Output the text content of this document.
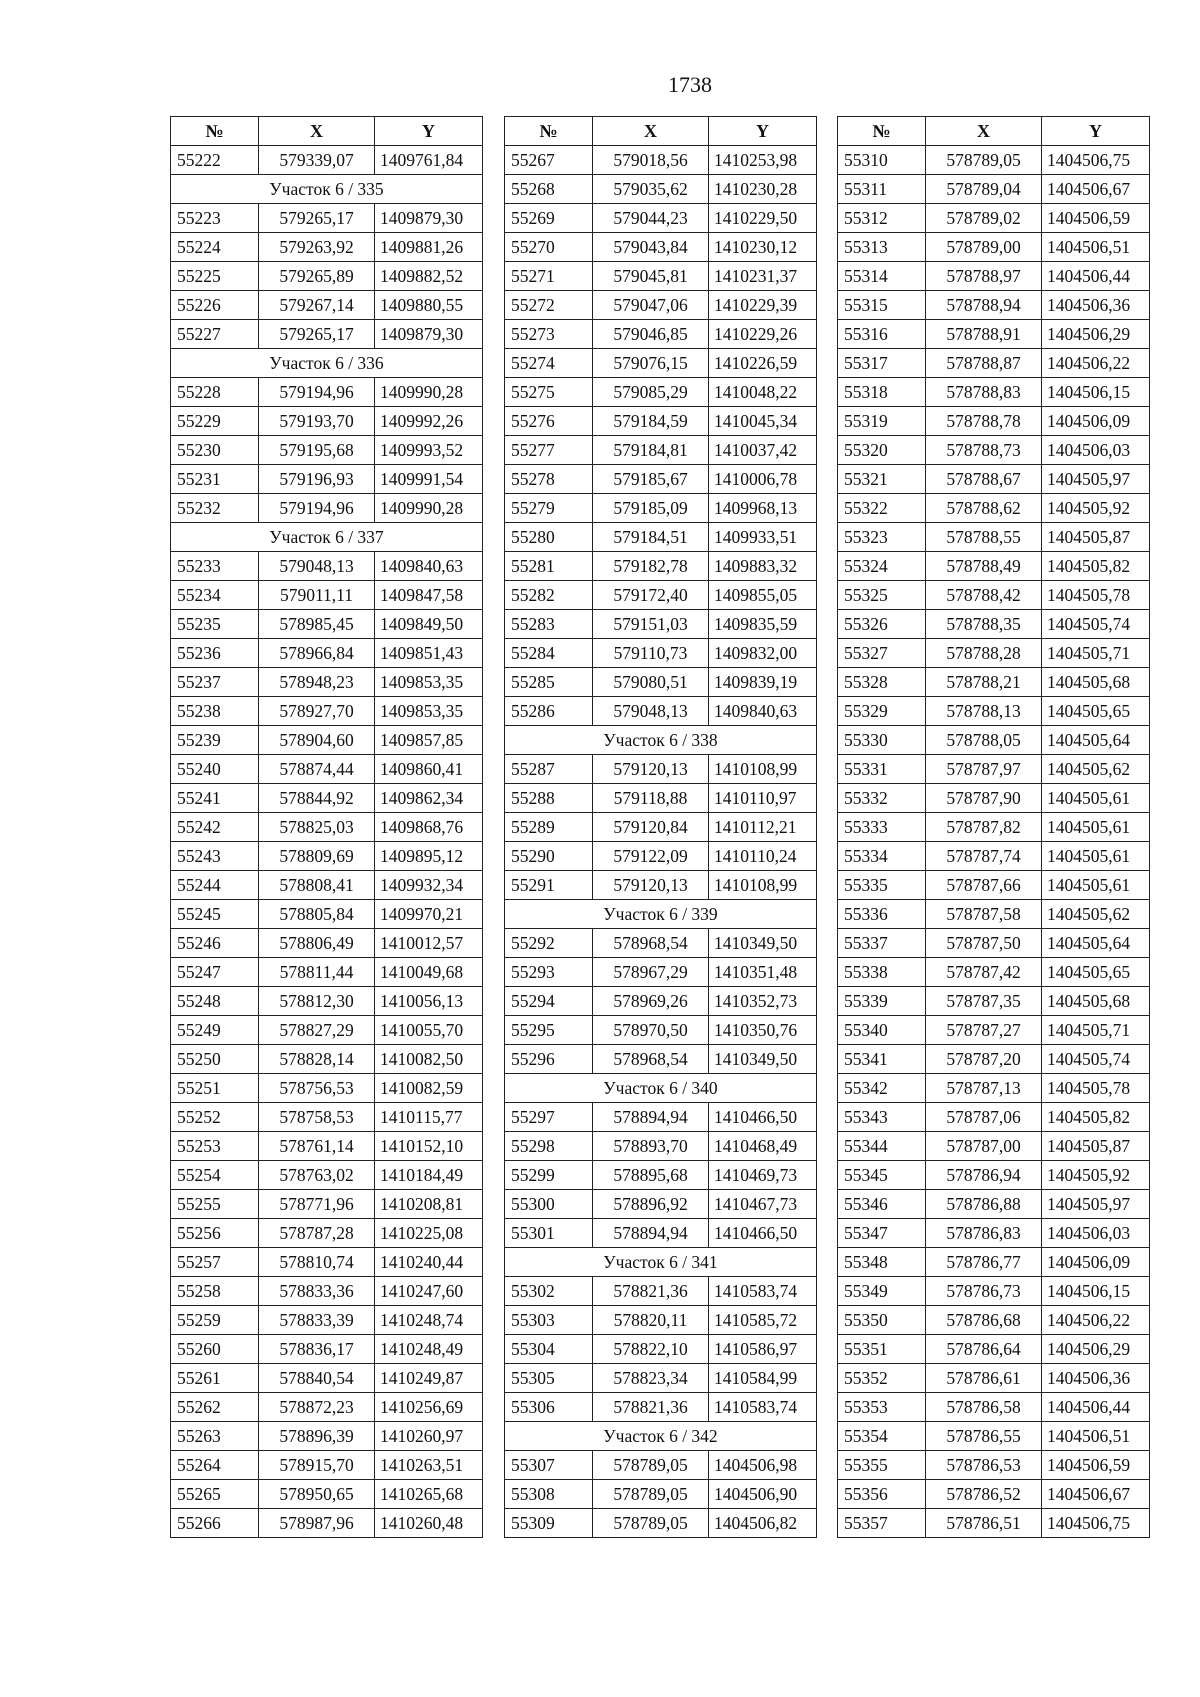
1738
№	X	Y
55222	579339,07	1409761,84
Участок 6 / 335		
55223	579265,17	1409879,30
55224	579263,92	1409881,26
55225	579265,89	1409882,52
55226	579267,14	1409880,55
55227	579265,17	1409879,30
Участок 6 / 336		
55228	579194,96	1409990,28
55229	579193,70	1409992,26
55230	579195,68	1409993,52
55231	579196,93	1409991,54
55232	579194,96	1409990,28
Участок 6 / 337		
55233	579048,13	1409840,63
55234	579011,11	1409847,58
55235	578985,45	1409849,50
55236	578966,84	1409851,43
55237	578948,23	1409853,35
55238	578927,70	1409853,35
55239	578904,60	1409857,85
55240	578874,44	1409860,41
55241	578844,92	1409862,34
55242	578825,03	1409868,76
55243	578809,69	1409895,12
55244	578808,41	1409932,34
55245	578805,84	1409970,21
55246	578806,49	1410012,57
55247	578811,44	1410049,68
55248	578812,30	1410056,13
55249	578827,29	1410055,70
55250	578828,14	1410082,50
55251	578756,53	1410082,59
55252	578758,53	1410115,77
55253	578761,14	1410152,10
55254	578763,02	1410184,49
55255	578771,96	1410208,81
55256	578787,28	1410225,08
55257	578810,74	1410240,44
55258	578833,36	1410247,60
55259	578833,39	1410248,74
55260	578836,17	1410248,49
55261	578840,54	1410249,87
55262	578872,23	1410256,69
55263	578896,39	1410260,97
55264	578915,70	1410263,51
55265	578950,65	1410265,68
55266	578987,96	1410260,48
№	X	Y
55267	579018,56	1410253,98
55268	579035,62	1410230,28
55269	579044,23	1410229,50
55270	579043,84	1410230,12
55271	579045,81	1410231,37
55272	579047,06	1410229,39
55273	579046,85	1410229,26
55274	579076,15	1410226,59
55275	579085,29	1410048,22
55276	579184,59	1410045,34
55277	579184,81	1410037,42
55278	579185,67	1410006,78
55279	579185,09	1409968,13
55280	579184,51	1409933,51
55281	579182,78	1409883,32
55282	579172,40	1409855,05
55283	579151,03	1409835,59
55284	579110,73	1409832,00
55285	579080,51	1409839,19
55286	579048,13	1409840,63
Участок 6 / 338		
55287	579120,13	1410108,99
55288	579118,88	1410110,97
55289	579120,84	1410112,21
55290	579122,09	1410110,24
55291	579120,13	1410108,99
Участок 6 / 339		
55292	578968,54	1410349,50
55293	578967,29	1410351,48
55294	578969,26	1410352,73
55295	578970,50	1410350,76
55296	578968,54	1410349,50
Участок 6 / 340		
55297	578894,94	1410466,50
55298	578893,70	1410468,49
55299	578895,68	1410469,73
55300	578896,92	1410467,73
55301	578894,94	1410466,50
Участок 6 / 341		
55302	578821,36	1410583,74
55303	578820,11	1410585,72
55304	578822,10	1410586,97
55305	578823,34	1410584,99
55306	578821,36	1410583,74
Участок 6 / 342		
55307	578789,05	1404506,98
55308	578789,05	1404506,90
55309	578789,05	1404506,82
№	X	Y
55310	578789,05	1404506,75
55311	578789,04	1404506,67
55312	578789,02	1404506,59
55313	578789,00	1404506,51
55314	578788,97	1404506,44
55315	578788,94	1404506,36
55316	578788,91	1404506,29
55317	578788,87	1404506,22
55318	578788,83	1404506,15
55319	578788,78	1404506,09
55320	578788,73	1404506,03
55321	578788,67	1404505,97
55322	578788,62	1404505,92
55323	578788,55	1404505,87
55324	578788,49	1404505,82
55325	578788,42	1404505,78
55326	578788,35	1404505,74
55327	578788,28	1404505,71
55328	578788,21	1404505,68
55329	578788,13	1404505,65
55330	578788,05	1404505,64
55331	578787,97	1404505,62
55332	578787,90	1404505,61
55333	578787,82	1404505,61
55334	578787,74	1404505,61
55335	578787,66	1404505,61
55336	578787,58	1404505,62
55337	578787,50	1404505,64
55338	578787,42	1404505,65
55339	578787,35	1404505,68
55340	578787,27	1404505,71
55341	578787,20	1404505,74
55342	578787,13	1404505,78
55343	578787,06	1404505,82
55344	578787,00	1404505,87
55345	578786,94	1404505,92
55346	578786,88	1404505,97
55347	578786,83	1404506,03
55348	578786,77	1404506,09
55349	578786,73	1404506,15
55350	578786,68	1404506,22
55351	578786,64	1404506,29
55352	578786,61	1404506,36
55353	578786,58	1404506,44
55354	578786,55	1404506,51
55355	578786,53	1404506,59
55356	578786,52	1404506,67
55357	578786,51	1404506,75
